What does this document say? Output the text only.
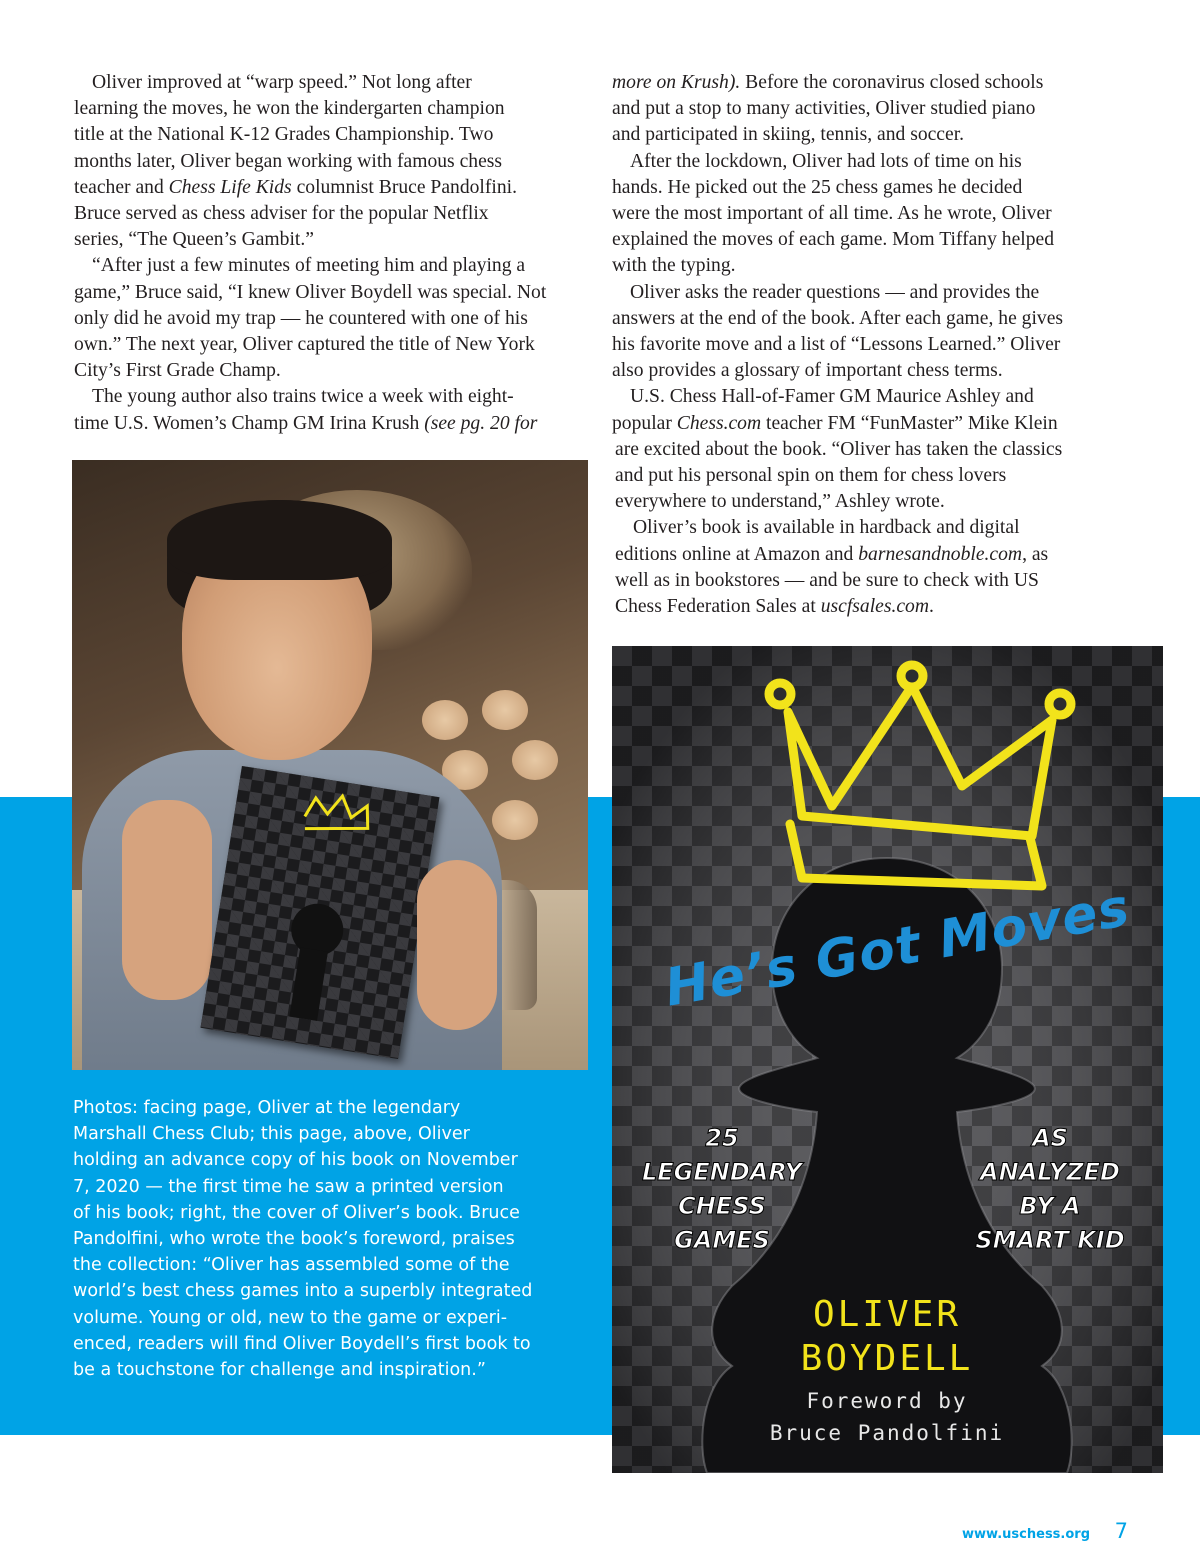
Oliver improved at “warp speed.” Not long after
learning the moves, he won the kindergarten champion
title at the National K-12 Grades Championship. Two
months later, Oliver began working with famous chess
teacher and Chess Life Kids columnist Bruce Pandolfini.
Bruce served as chess adviser for the popular Netflix
series, “The Queen’s Gambit.”

“After just a few minutes of meeting him and playing a
game,” Bruce said, “I knew Oliver Boydell was special. Not
only did he avoid my trap — he countered with one of his
own.” The next year, Oliver captured the title of New York
City’s First Grade Champ.

The young author also trains twice a week with eight-
time U.S. Women’s Champ GM Irina Krush (see pg. 20 for

more on Krush). Before the coronavirus closed schools
and put a stop to many activities, Oliver studied piano
and participated in skiing, tennis, and soccer.

After the lockdown, Oliver had lots of time on his
hands. He picked out the 25 chess games he decided
were the most important of all time. As he wrote, Oliver
explained the moves of each game. Mom Tiffany helped
with the typing.

Oliver asks the reader questions — and provides the
answers at the end of the book. After each game, he gives
his favorite move and a list of “Lessons Learned.” Oliver
also provides a glossary of important chess terms.

U.S. Chess Hall-of-Famer GM Maurice Ashley and
popular Chess.com teacher FM “FunMaster” Mike Klein
are excited about the book. “Oliver has taken the classics
and put his personal spin on them for chess lovers
everywhere to understand,” Ashley wrote.

Oliver’s book is available in hardback and digital
editions online at Amazon and barnesandnoble.com, as
well as in bookstores — and be sure to check with US
Chess Federation Sales at uscfsales.com.

Photos: facing page, Oliver at the legendary
Marshall Chess Club; this page, above, Oliver
holding an advance copy of his book on November
7, 2020 — the first time he saw a printed version
of his book; right, the cover of Oliver’s book. Bruce
Pandolfini, who wrote the book’s foreword, praises
the collection: “Oliver has assembled some of the
world’s best chess games into a superbly integrated
volume. Young or old, new to the game or experi-
enced, readers will find Oliver Boydell’s first book to
be a touchstone for challenge and inspiration.”
He’s Got Moves
25
LEGENDARY
CHESS
GAMES
AS
ANALYZED
BY A
SMART KID
OLIVER
BOYDELL
Foreword by
Bruce Pandolfini
www.uschess.org 7
